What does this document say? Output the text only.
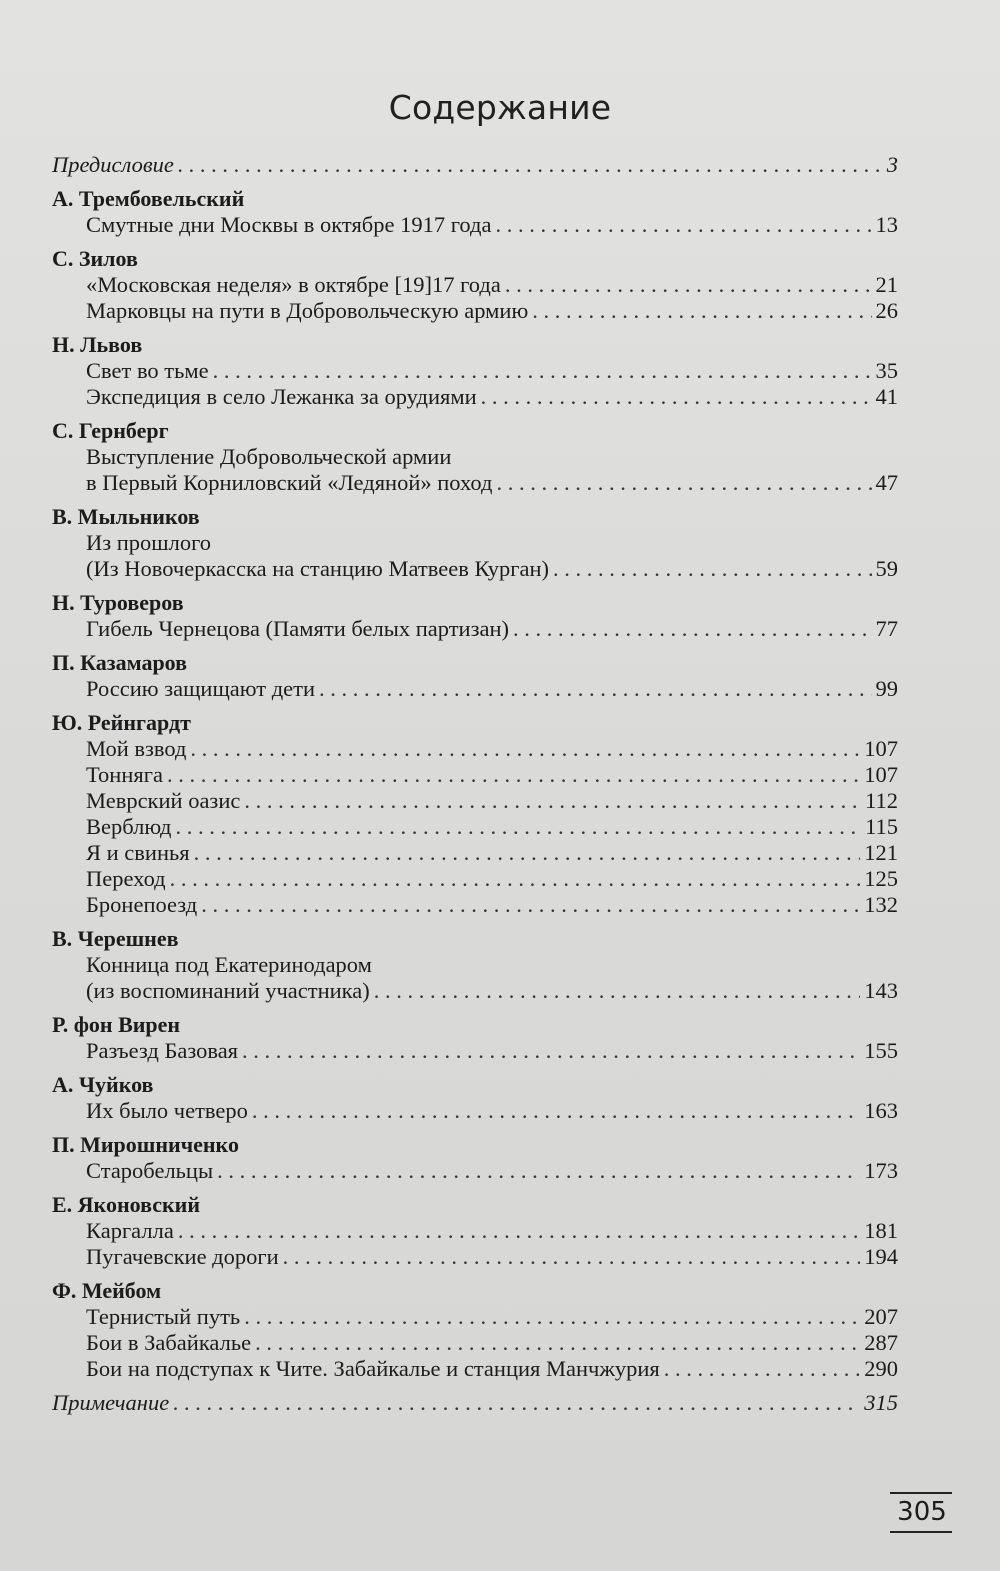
Содержание
Предисловие . . .	3
А. Трембовельский
Смутные дни Москвы в октябре 1917 года . . .	13
С. Зилов
«Московская неделя» в октябре [19]17 года . . .	21
Марковцы на пути в Добровольческую армию . . .	26
Н. Львов
Свет во тьме . . .	35
Экспедиция в село Лежанка за орудиями . . .	41
С. Гернберг
Выступление Добровольческой армии
в Первый Корниловский «Ледяной» поход . . .	47
В. Мыльников
Из прошлого
(Из Новочеркасска на станцию Матвеев Курган) . . .	59
Н. Туроверов
Гибель Чернецова (Памяти белых партизан) . . .	77
П. Казамаров
Россию защищают дети . . .	99
Ю. Рейнгардт
Мой взвод . . .	107
Тонняга . . .	107
Меврский оазис . . .	112
Верблюд . . .	115
Я и свинья . . .	121
Переход . . .	125
Бронепоезд . . .	132
В. Черешнев
Конница под Екатеринодаром
(из воспоминаний участника) . . .	143
Р. фон Вирен
Разъезд Базовая . . .	155
А. Чуйков
Их было четверо . . .	163
П. Мирошниченко
Старобельцы . . .	173
Е. Яконовский
Каргалла . . .	181
Пугачевские дороги . . .	194
Ф. Мейбом
Тернистый путь . . .	207
Бои в Забайкалье . . .	287
Бои на подступах к Чите. Забайкалье и станция Манчжурия . . .	290
Примечание . . .	315
305
